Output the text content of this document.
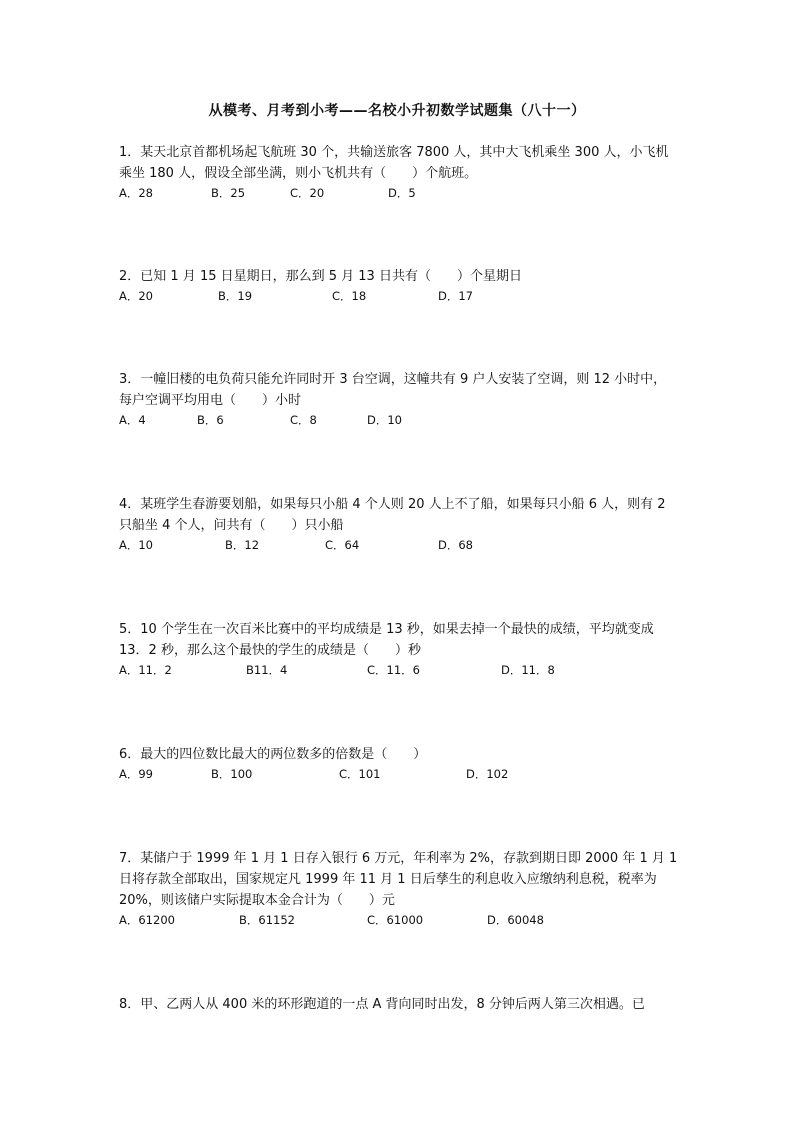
从模考、月考到小考——名校小升初数学试题集（八十一）

1．某天北京首都机场起飞航班 30 个，共输送旅客 7800 人，其中大飞机乘坐 300 人，小飞机乘坐 180 人，假设全部坐满，则小飞机共有（　　）个航班。

A．28	B．25	C．20	D．5

2．已知 1 月 15 日星期日，那么到 5 月 13 日共有（　　）个星期日

A．20	B．19	C．18	D．17

3．一幢旧楼的电负荷只能允许同时开 3 台空调，这幢共有 9 户人安装了空调，则 12 小时中，每户空调平均用电（　　）小时

A．4	B．6	C．8	D．10

4．某班学生春游要划船，如果每只小船 4 个人则 20 人上不了船，如果每只小船 6 人，则有 2 只船坐 4 个人，问共有（　　）只小船

A．10	B．12	C．64	D．68

5．10 个学生在一次百米比赛中的平均成绩是 13 秒，如果去掉一个最快的成绩，平均就变成 13．2 秒，那么这个最快的学生的成绩是（　　）秒

A．11．2	B11．4	C．11．6	D．11．8

6．最大的四位数比最大的两位数多的倍数是（　　）

A．99	B．100	C．101	D．102

7．某储户于 1999 年 1 月 1 日存入银行 6 万元，年利率为 2%，存款到期日即 2000 年 1 月 1 日将存款全部取出，国家规定凡 1999 年 11 月 1 日后孳生的利息收入应缴纳利息税，税率为 20%，则该储户实际提取本金合计为（　　）元

A．61200	B．61152	C．61000	D．60048

8．甲、乙两人从 400 米的环形跑道的一点 A 背向同时出发，8 分钟后两人第三次相遇。已
